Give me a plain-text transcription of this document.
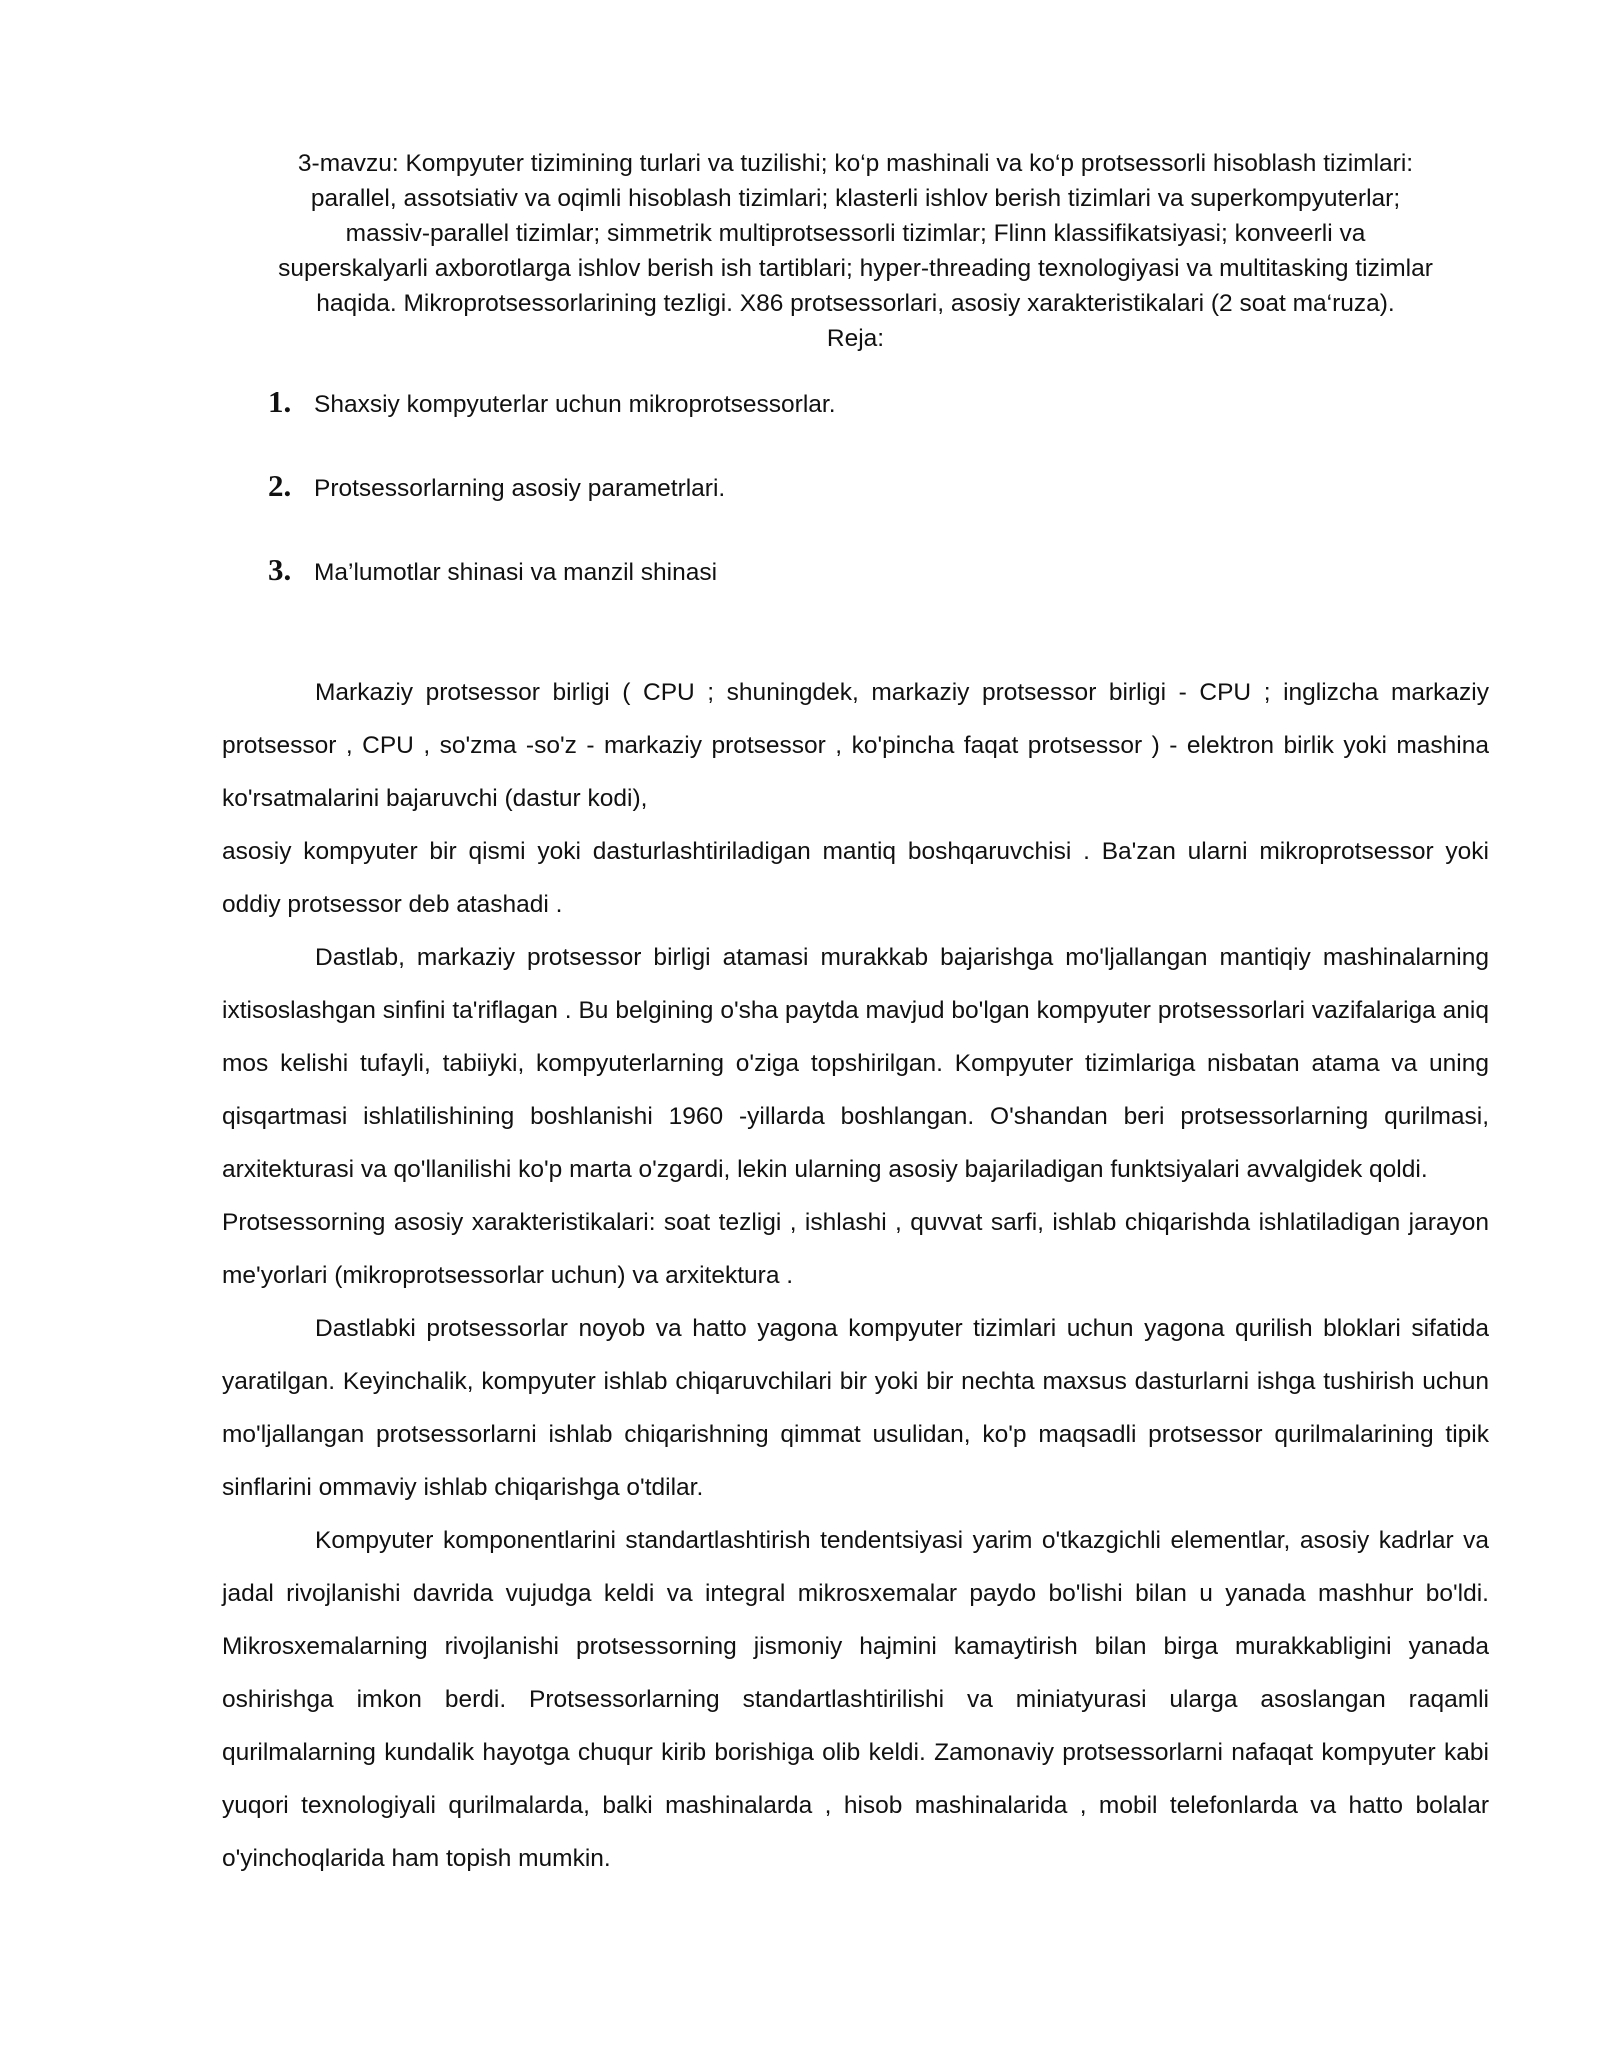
3-mavzu: Kompyuter tizimining turlari va tuzilishi; ko‘p mashinali va ko‘p protsessorli hisoblash tizimlari:
parallel, assotsiativ va oqimli hisoblash tizimlari; klasterli ishlov berish tizimlari va superkompyuterlar;
massiv-parallel tizimlar; simmetrik multiprotsessorli tizimlar; Flinn klassifikatsiyasi; konveerli va
superskalyarli axborotlarga ishlov berish ish tartiblari; hyper-threading texnologiyasi va multitasking tizimlar
haqida. Mikroprotsessorlarining tezligi. X86 protsessorlari, asosiy xarakteristikalari (2 soat ma‘ruza).
Reja:
1. Shaxsiy kompyuterlar uchun mikroprotsessorlar.
2. Protsessorlarning asosiy parametrlari.
3. Ma’lumotlar shinasi va manzil shinasi

Markaziy protsessor birligi ( CPU ; shuningdek, markaziy protsessor birligi - CPU ; inglizcha markaziy protsessor , CPU , so'zma -so'z - markaziy protsessor , ko'pincha faqat protsessor ) - elektron birlik yoki mashina ko'rsatmalarini bajaruvchi (dastur kodi),

asosiy kompyuter bir qismi yoki dasturlashtiriladigan mantiq boshqaruvchisi . Ba'zan ularni mikroprotsessor yoki oddiy protsessor deb atashadi .

Dastlab, markaziy protsessor birligi atamasi murakkab bajarishga mo'ljallangan mantiqiy mashinalarning ixtisoslashgan sinfini ta'riflagan . Bu belgining o'sha paytda mavjud bo'lgan kompyuter protsessorlari vazifalariga aniq mos kelishi tufayli, tabiiyki, kompyuterlarning o'ziga topshirilgan. Kompyuter tizimlariga nisbatan atama va uning qisqartmasi ishlatilishining boshlanishi 1960 -yillarda boshlangan. O'shandan beri protsessorlarning qurilmasi, arxitekturasi va qo'llanilishi ko'p marta o'zgardi, lekin ularning asosiy bajariladigan funktsiyalari avvalgidek qoldi.

Protsessorning asosiy xarakteristikalari: soat tezligi , ishlashi , quvvat sarfi, ishlab chiqarishda ishlatiladigan jarayon me'yorlari (mikroprotsessorlar uchun) va arxitektura .

Dastlabki protsessorlar noyob va hatto yagona kompyuter tizimlari uchun yagona qurilish bloklari sifatida yaratilgan. Keyinchalik, kompyuter ishlab chiqaruvchilari bir yoki bir nechta maxsus dasturlarni ishga tushirish uchun mo'ljallangan protsessorlarni ishlab chiqarishning qimmat usulidan, ko'p maqsadli protsessor qurilmalarining tipik sinflarini ommaviy ishlab chiqarishga o'tdilar.

Kompyuter komponentlarini standartlashtirish tendentsiyasi yarim o'tkazgichli elementlar, asosiy kadrlar va jadal rivojlanishi davrida vujudga keldi va integral mikrosxemalar paydo bo'lishi bilan u yanada mashhur bo'ldi. Mikrosxemalarning rivojlanishi protsessorning jismoniy hajmini kamaytirish bilan birga murakkabligini yanada oshirishga imkon berdi. Protsessorlarning standartlashtirilishi va miniatyurasi ularga asoslangan raqamli qurilmalarning kundalik hayotga chuqur kirib borishiga olib keldi. Zamonaviy protsessorlarni nafaqat kompyuter kabi yuqori texnologiyali qurilmalarda, balki mashinalarda , hisob mashinalarida , mobil telefonlarda va hatto bolalar o'yinchoqlarida ham topish mumkin.
